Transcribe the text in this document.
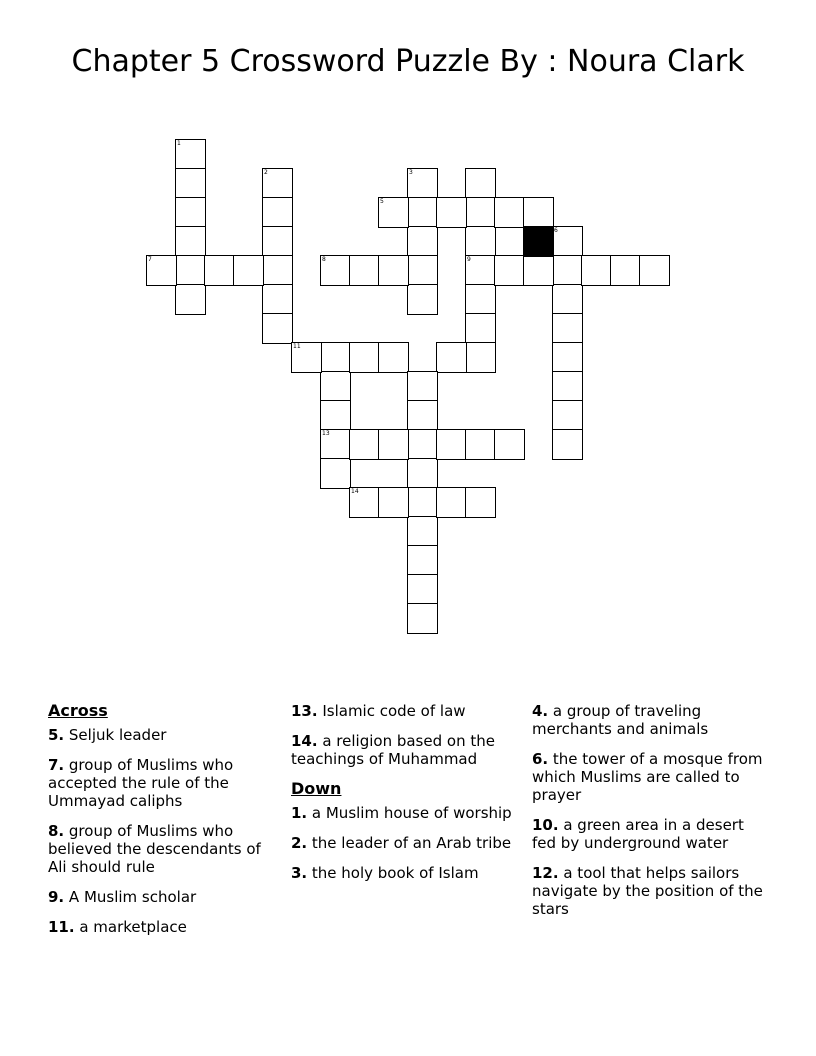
Chapter 5 Crossword Puzzle By : Noura Clark
1
2	3
9
5
6
7	8
13
11
14
Across
5. Seljuk leader
7. group of Muslims who accepted the rule of the Ummayad caliphs
8. group of Muslims who believed the descendants of Ali should rule
9. A Muslim scholar
11. a marketplace
13. Islamic code of law
14. a religion based on the teachings of Muhammad
Down
1. a Muslim house of worship
2. the leader of an Arab tribe
3. the holy book of Islam
4. a group of traveling merchants and animals
6. the tower of a mosque from which Muslims are called to prayer
10. a green area in a desert fed by underground water
12. a tool that helps sailors navigate by the position of the stars
